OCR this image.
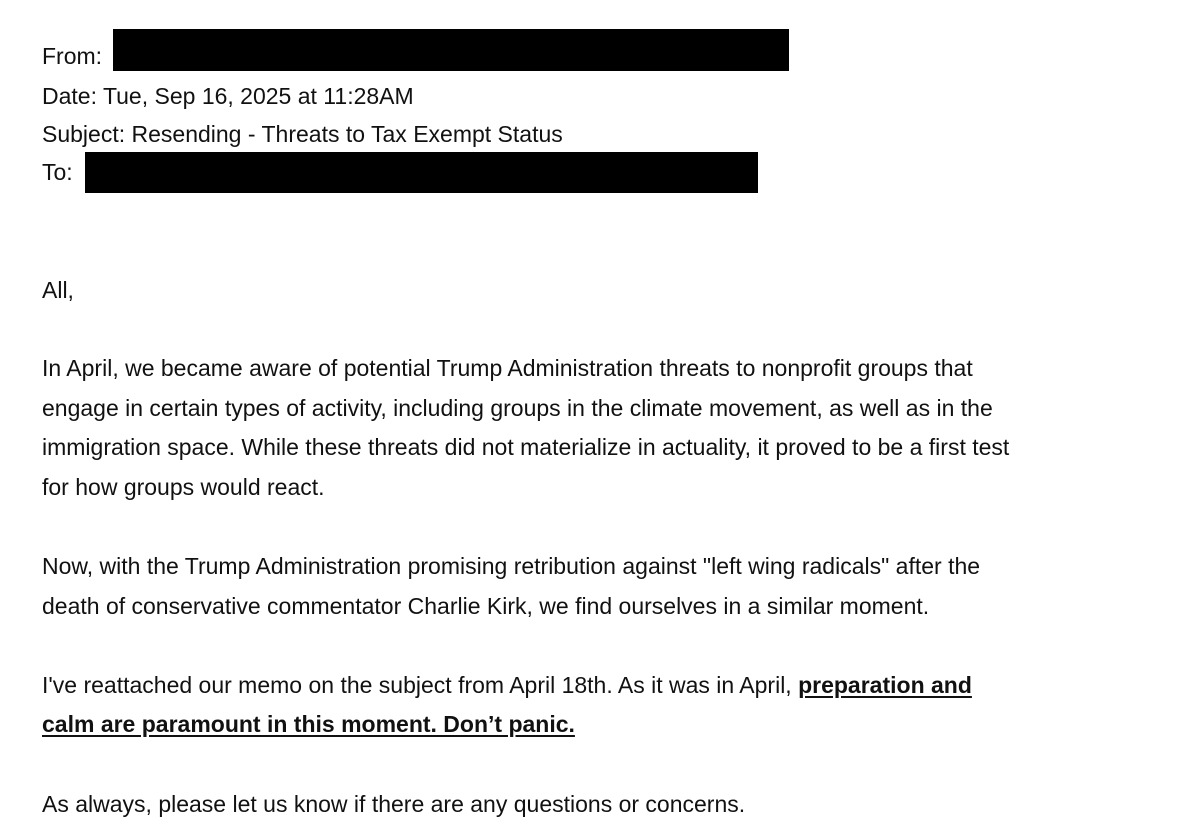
From:
Date: Tue, Sep 16, 2025 at 11:28AM
Subject: Resending - Threats to Tax Exempt Status
To:
All,
In April, we became aware of potential Trump Administration threats to nonprofit groups that
engage in certain types of activity, including groups in the climate movement, as well as in the
immigration space. While these threats did not materialize in actuality, it proved to be a first test
for how groups would react.
Now, with the Trump Administration promising retribution against "left wing radicals" after the
death of conservative commentator Charlie Kirk, we find ourselves in a similar moment.
I've reattached our memo on the subject from April 18th. As it was in April, preparation and
calm are paramount in this moment. Don’t panic.
As always, please let us know if there are any questions or concerns.
